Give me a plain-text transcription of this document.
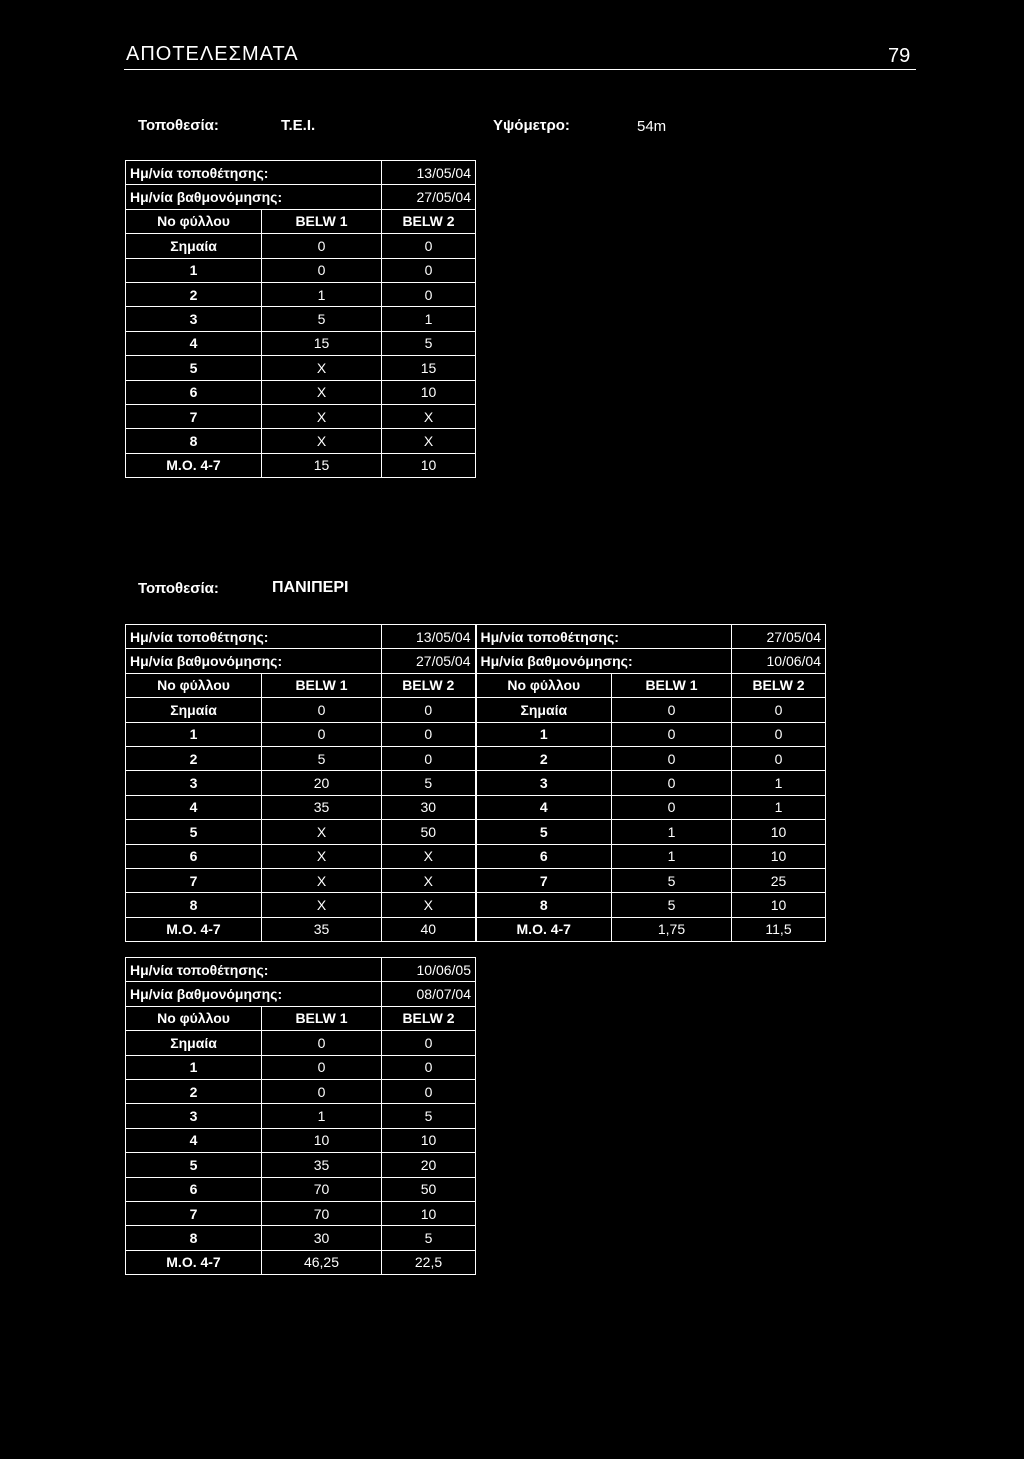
ΑΠΟΤΕΛΕΣΜΑΤΑ	79
Τοποθεσία:	Τ.Ε.Ι.	Υψόμετρο:	54m
Ημ/νία τοποθέτησης:		13/05/04
Ημ/νία βαθμονόμησης:		27/05/04
Νο φύλλου	BELW 1	BELW 2
Σημαία	0	0
1	0	0
2	1	0
3	5	1
4	15	5
5	X	15
6	X	10
7	X	X
8	X	X
Μ.Ο. 4-7	15	10
Τοποθεσία:	ΠΑΝΙΠΕΡΙ
Ημ/νία τοποθέτησης:		13/05/04	Ημ/νία τοποθέτησης:		27/05/04
Ημ/νία βαθμονόμησης:		27/05/04	Ημ/νία βαθμονόμησης:		10/06/04
Νο φύλλου	BELW 1	BELW 2	Νο φύλλου	BELW 1	BELW 2
Σημαία	0	0	Σημαία	0	0
1	0	0	1	0	0
2	5	0	2	0	0
3	20	5	3	0	1
4	35	30	4	0	1
5	X	50	5	1	10
6	X	X	6	1	10
7	X	X	7	5	25
8	X	X	8	5	10
Μ.Ο. 4-7	35	40	Μ.Ο. 4-7	1,75	11,5
Ημ/νία τοποθέτησης:		10/06/05
Ημ/νία βαθμονόμησης:		08/07/04
Νο φύλλου	BELW 1	BELW 2
Σημαία	0	0
1	0	0
2	0	0
3	1	5
4	10	10
5	35	20
6	70	50
7	70	10
8	30	5
Μ.Ο. 4-7	46,25	22,5
